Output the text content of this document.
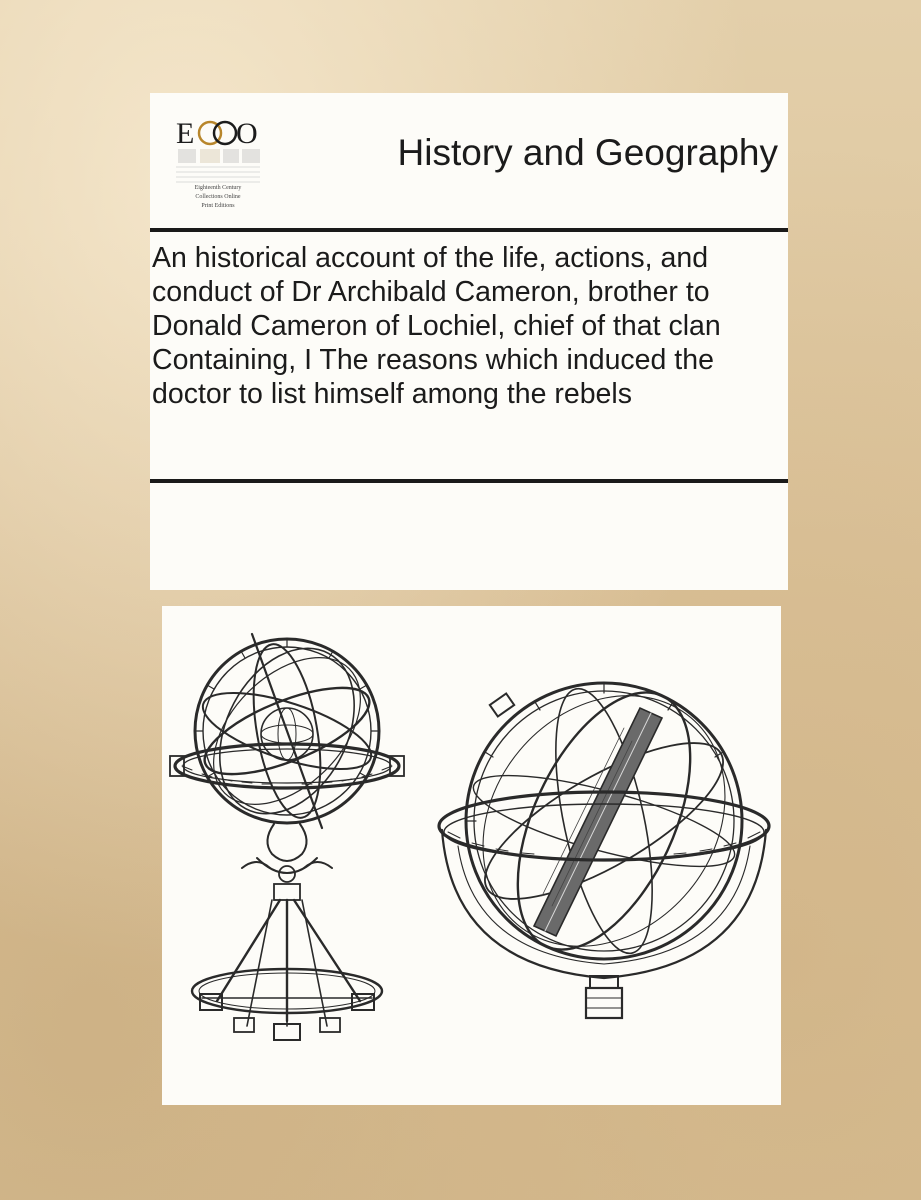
E O
Eighteenth Century
Collections Online
Print Editions
History and Geography
An historical account of the life, actions, and conduct of Dr Archibald Cameron, brother to Donald Cameron of Lochiel, chief of that clan Containing, I The reasons which induced the doctor to list himself among the rebels
